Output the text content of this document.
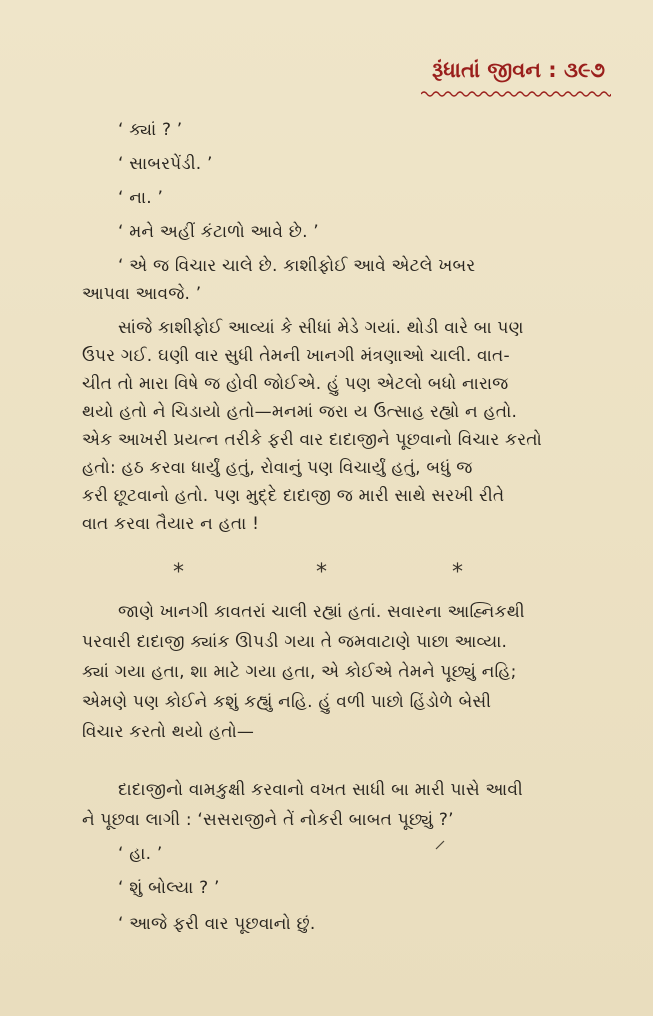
રૂંધાતાં જીવન : ૩૯૭
‘ ક્યાં ? ’
‘ સાબરપેંડી. ’
‘ ના. ’
‘ મને અહીં કંટાળો આવે છે. ’
‘ એ જ વિચાર ચાલે છે. કાશીફોઈ આવે એટલે ખબર
આપવા આવજે. ’
સાંજે કાશીફોઈ આવ્યાં કે સીધાં મેડે ગયાં. થોડી વારે બા પણ
ઉપર ગઈ. ઘણી વાર સુધી તેમની ખાનગી મંત્રણાઓ ચાલી. વાત-
ચીત તો મારા વિષે જ હોવી જોઈએ. હું પણ એટલો બધો નારાજ
થયો હતો ને ચિડાયો હતો—મનમાં જરા ય ઉત્સાહ રહ્યો ન હતો.
એક આખરી પ્રયત્ન તરીકે ફરી વાર દાદાજીને પૂછવાનો વિચાર કરતો
હતો: હઠ કરવા ધાર્યું હતું, રોવાનું પણ વિચાર્યું હતું, બધું જ
કરી છૂટવાનો હતો. પણ મુદ્દે દાદાજી જ મારી સાથે સરખી રીતે
વાત કરવા તૈયાર ન હતા !
*	*	*
જાણે ખાનગી કાવતરાં ચાલી રહ્યાં હતાં. સવારના આહ્નિકથી
પરવારી દાદાજી ક્યાંક ઊપડી ગયા તે જમવાટાણે પાછા આવ્યા.
ક્યાં ગયા હતા, શા માટે ગયા હતા, એ કોઈએ તેમને પૂછ્યું નહિ;
એમણે પણ કોઈને કશું કહ્યું નહિ. હું વળી પાછો હિંડોળે બેસી
વિચાર કરતો થયો હતો—
દાદાજીનો વામકુક્ષી કરવાનો વખત સાધી બા મારી પાસે આવી
ને પૂછવા લાગી : ‘સસરાજીને તેં નોકરી બાબત પૂછ્યું ?’
‘ હા. ’
‘ શું બોલ્યા ? ’
‘ આજે ફરી વાર પૂછવાનો છું.
